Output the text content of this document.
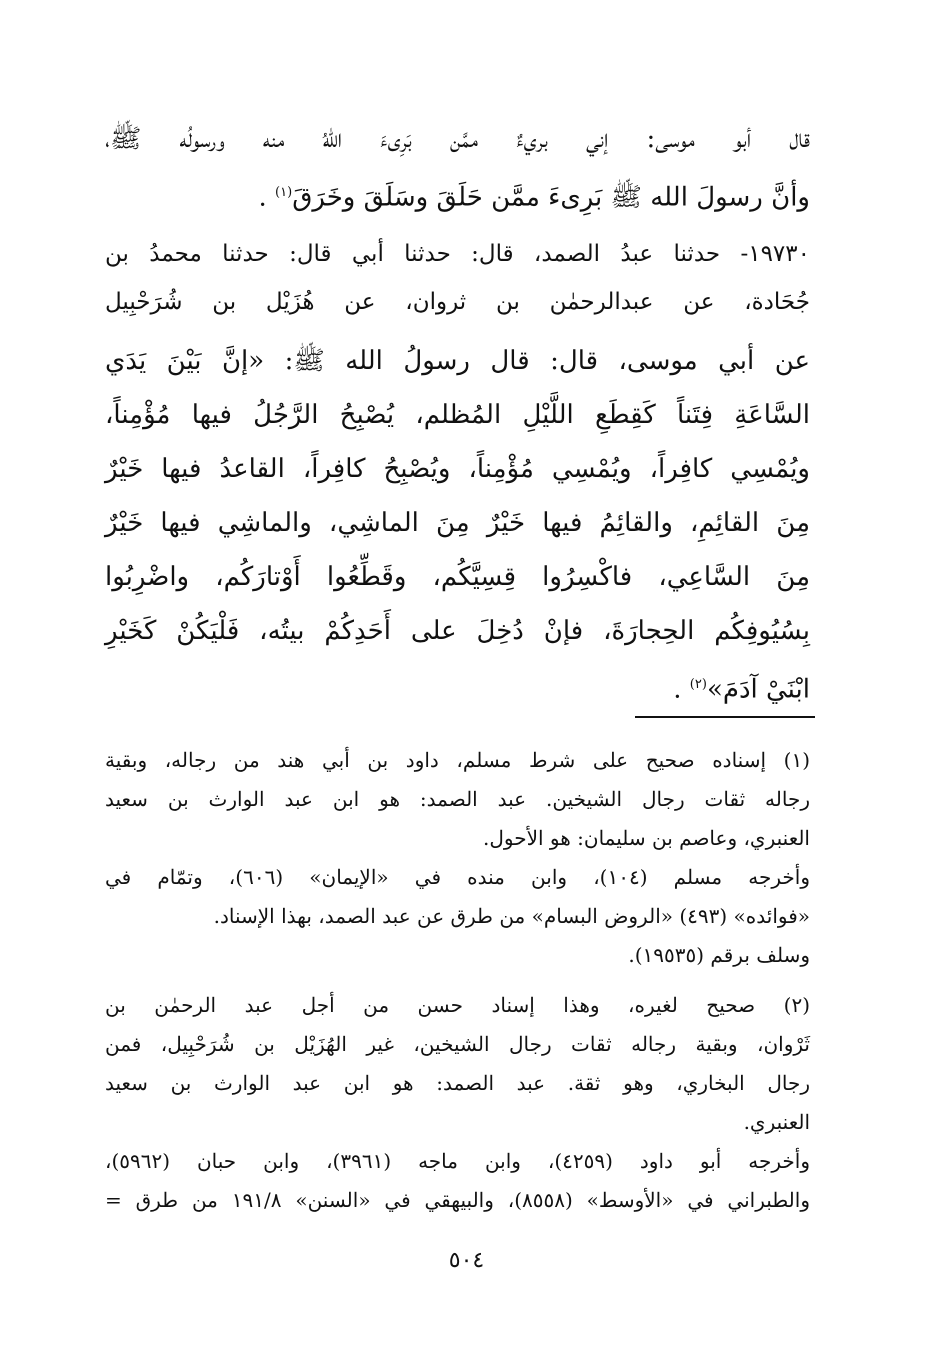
قال أبو موسى: إني بريءٌ ممَّن بَرِىءَ اللهُ منه ورسولُه ﷺ،
وأنَّ رسولَ الله ﷺ بَرِىءَ ممَّن حَلَقَ وسَلَقَ وخَرَقَ$^{(١)}$ .
١٩٧٣٠- حدثنا عبدُ الصمد، قال: حدثنا أبي قال: حدثنا محمدُ بن
جُحَادة، عن عبدالرحمٰن بن ثروان، عن هُزَيْل بن شُرَحْبِيل
عن أبي موسى، قال: قال رسولُ الله ﷺ: «إنَّ بَيْنَ يَدَي
السَّاعَةِ فِتَناً كَقِطَعِ اللَّيْلِ المُظلم، يُصْبِحُ الرَّجُلُ فيها مُؤْمِناً،
ويُمْسِي كافِراً، ويُمْسِي مُؤْمِناً، ويُصْبِحُ كافِراً، القاعدُ فيها خَيْرٌ
مِنَ القائِمِ، والقائِمُ فيها خَيْرٌ مِنَ الماشِي، والماشِي فيها خَيْرٌ
مِنَ السَّاعِي، فاكْسِرُوا قِسِيَّكُم، وقَطِّعُوا أَوْتارَكُم، واضْرِبُوا
بِسُيُوفِكُم الحِجارَةَ، فإنْ دُخِلَ على أَحَدِكُمْ بيتُه، فَلْيَكُنْ كَخَيْرِ
ابْنَيْ آدَمَ»$^{(٢)}$ .
(١) إسناده صحيح على شرط مسلم، داود بن أبي هند من رجاله، وبقية
رجاله ثقات رجال الشيخين. عبد الصمد: هو ابن عبد الوارث بن سعيد
العنبري، وعاصم بن سليمان: هو الأحول.
وأخرجه مسلم (١٠٤)، وابن منده في «الإيمان» (٦٠٦)، وتمّام في
«فوائده» (٤٩٣) «الروض البسام» من طرق عن عبد الصمد، بهذا الإسناد.
وسلف برقم (١٩٥٣٥).
(٢) صحيح لغيره، وهذا إسناد حسن من أجل عبد الرحمٰن بن
ثَرْوان، وبقية رجاله ثقات رجال الشيخين، غير الهُزَيْل بن شُرَحْبِيل، فمن
رجال البخاري، وهو ثقة. عبد الصمد: هو ابن عبد الوارث بن سعيد
العنبري.
وأخرجه أبو داود (٤٢٥٩)، وابن ماجه (٣٩٦١)، وابن حبان (٥٩٦٢)،
والطبراني في «الأوسط» (٨٥٥٨)، والبيهقي في «السنن» ١٩١/٨ من طرق =
٥٠٤
